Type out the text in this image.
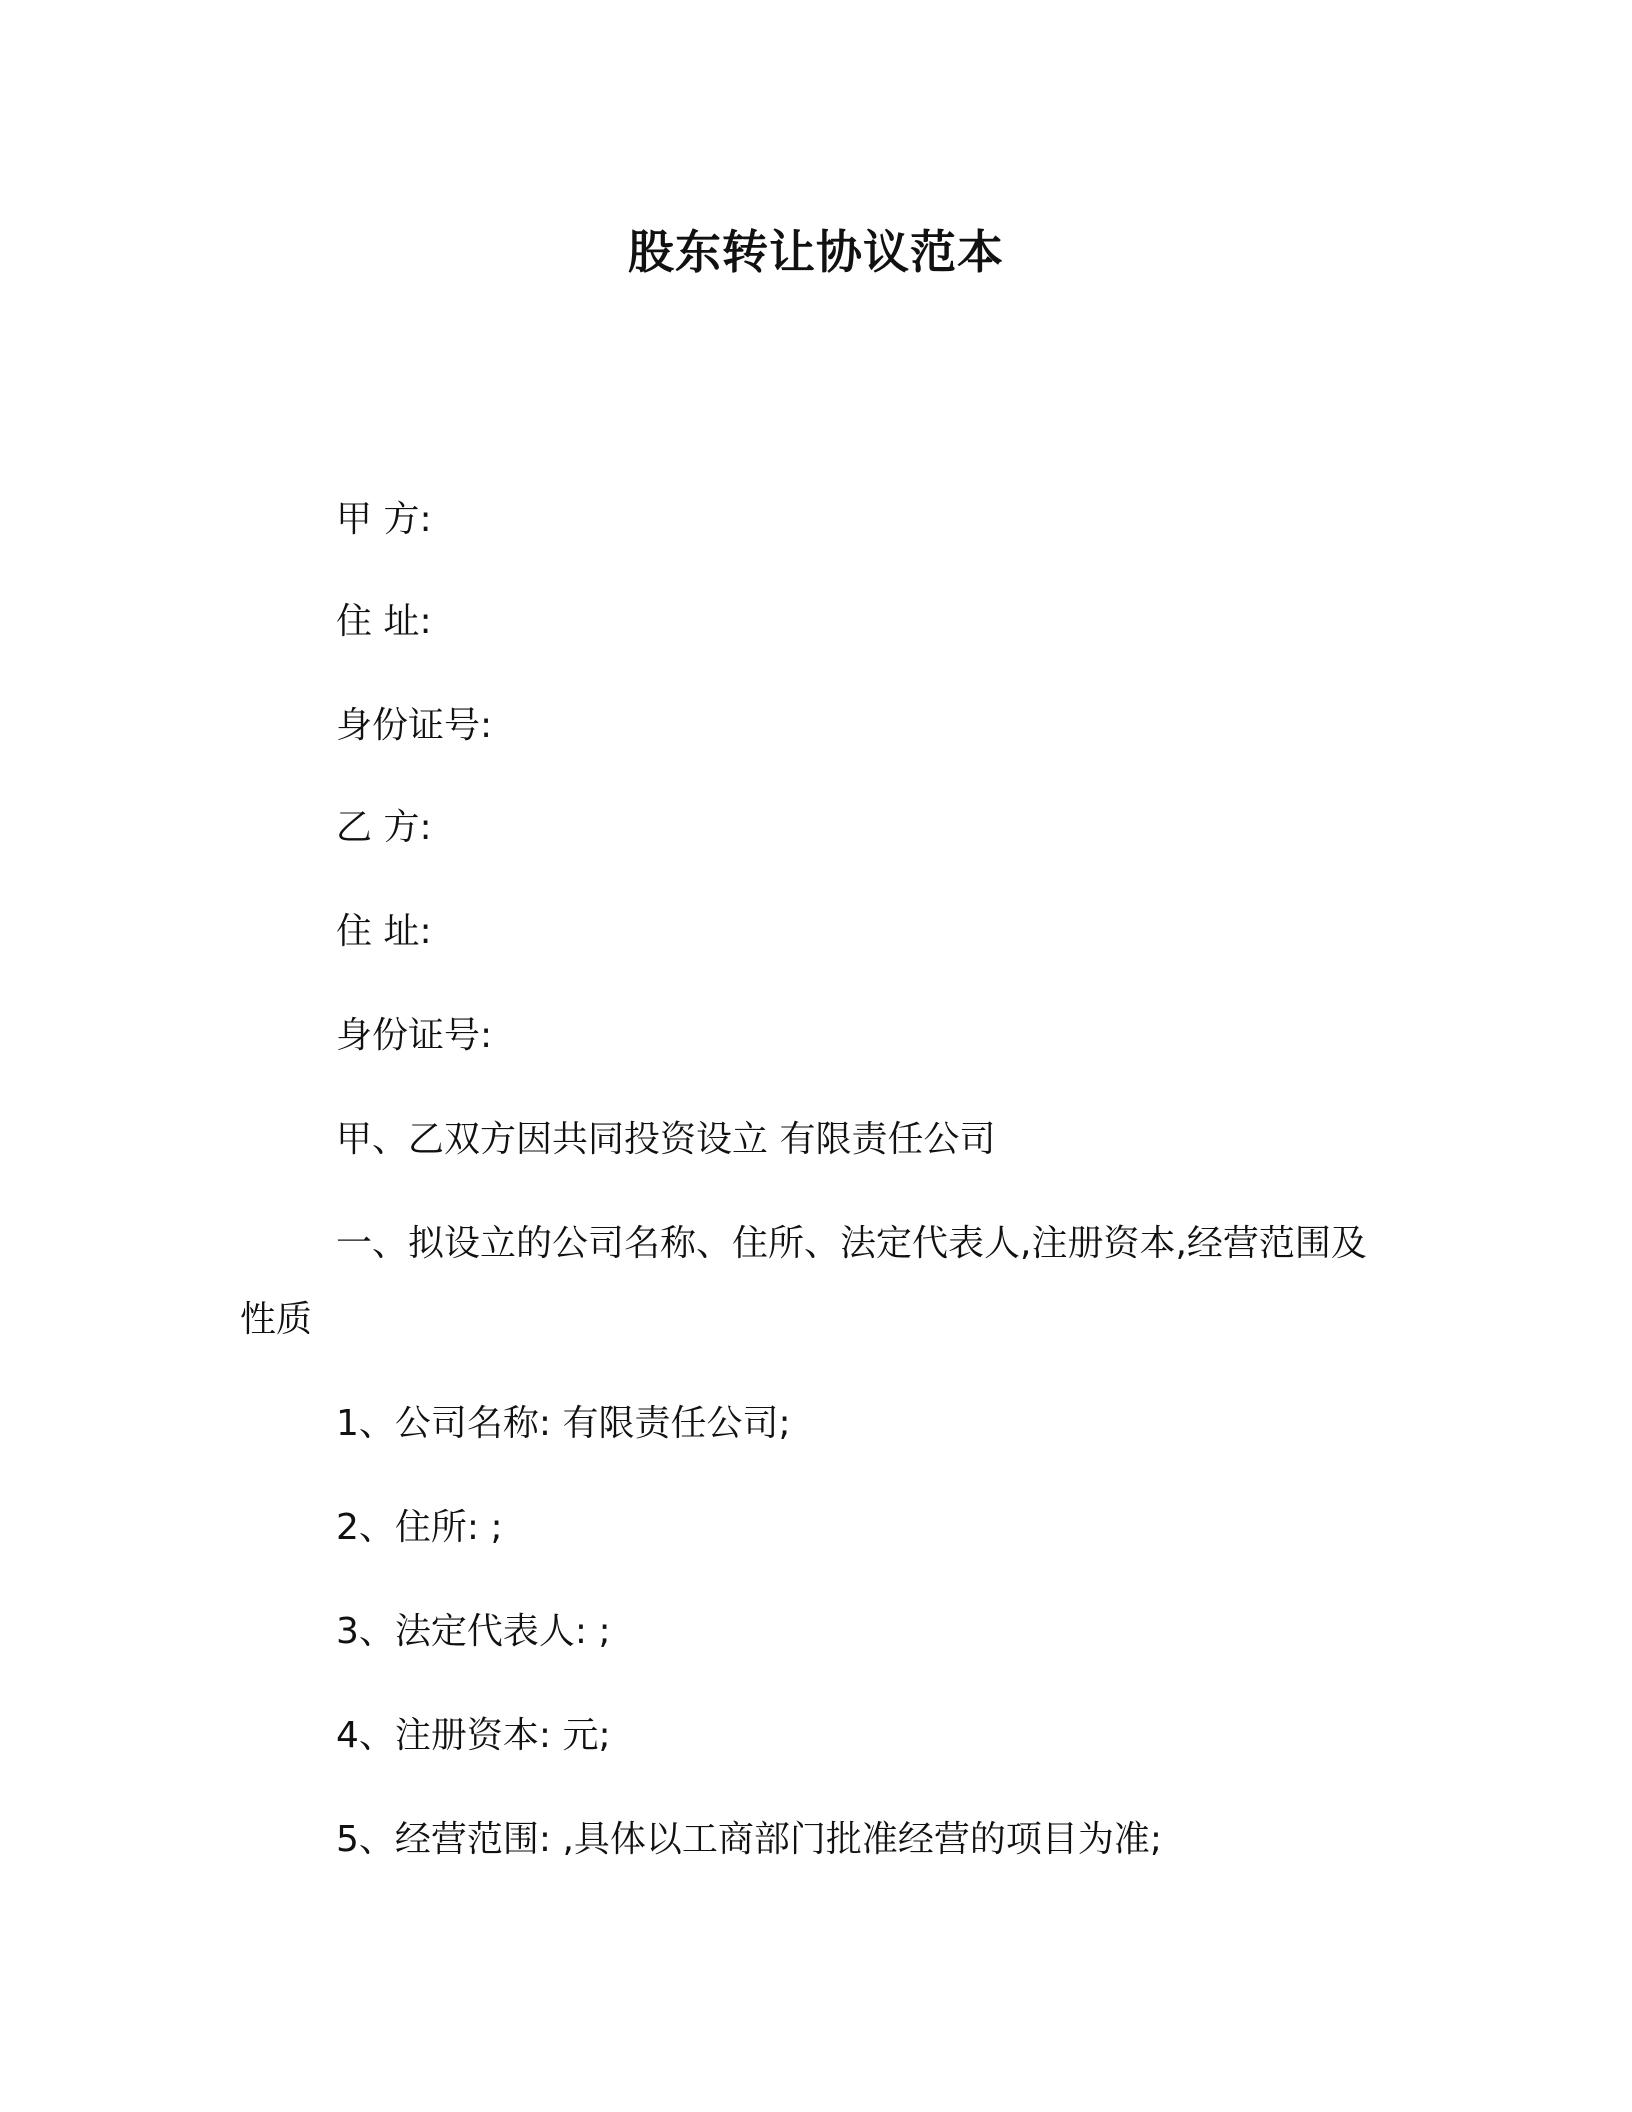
股东转让协议范本
甲 方:
住 址:
身份证号:
乙 方:
住 址:
身份证号:
甲、乙双方因共同投资设立 有限责任公司

一、拟设立的公司名称、住所、法定代表人,注册资本,经营范围及性质

1、公司名称: 有限责任公司;
2、住所: ;
3、法定代表人: ;
4、注册资本: 元;
5、经营范围: ,具体以工商部门批准经营的项目为准;
